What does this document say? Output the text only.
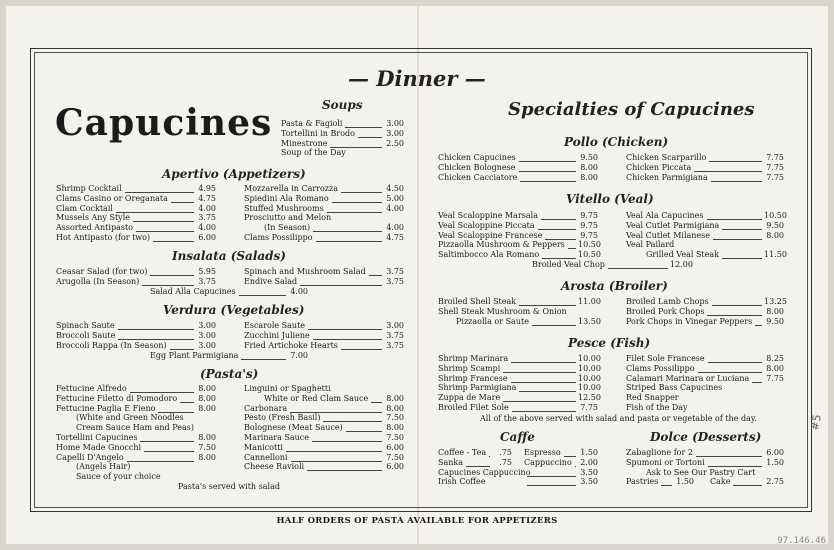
— Dinner —
Capucines	Specialties of Capucines
Soups
Apertivo (Appetizers)
Insalata (Salads)
Verdura (Vegetables)
(Pasta's)
Pollo (Chicken)
Vitello (Veal)
Arosta (Broiler)
Pesce (Fish)
Caffe	Dolce (Desserts)
Pasta & Fagioli	3.00
Tortellini in Brodo	3.00
Minestrone	2.50
Soup of the Day
Shrimp Cocktail	4.95
Clams Casino or Oreganata	4.75
Clam Cocktail	4.00
Mussels Any Style	3.75
Assorted Antipasto	4.00
Hot Antipasto (for two)	6.00
Mozzarella in Carrozza	4.50
Spiedini Ala Romano	5.00
Stuffed Mushrooms	4.00
Prosciutto and Melon
(In Season)	4.00
Clams Possilippo	4.75
Ceasar Salad (for two)	5.95
Arugolla (In Season)	3.75
Spinach and Mushroom Salad	3.75
Endive Salad	3.75
Salad Alla Capucines	4.00
Spinach Saute	3.00
Broccoli Saute	3.00
Broccoli Rappa (In Season)	3.00
Escarole Saute	3.00
Zucchini Juliene	3.75
Fried Artichoke Hearts	3.75
Egg Plant Parmigiana	7.00
Fettucine Alfredo	8.00
Fettucine Filetto di Pomodoro	8.00
Fettucine Paglia E Fieno	8.00
(White and Green Noodles
Cream Sauce Ham and Peas)
Tortellini Capucines	8.00
Home Made Gnocchi	7.50
Capelli D'Angelo	8.00
(Angels Hair)
Sauce of your choice
Linguini or Spaghetti
White or Red Clam Sauce 8.00
Carbonara	8.00
Pesto (Fresh Basil)	7.50
Bolognese (Meat Sauce)	8.00
Marinara Sauce	7.50
Manicotti	6.00
Cannelloni	7.50
Cheese Ravioli	6.00
Chicken Capucines	9.50
Chicken Bolognese	8.00
Chicken Cacciatore	8.00
Chicken Scarparillo	7.75
Chicken Piccata	7.75
Chicken Parmigiana	7.75
Veal Scaloppine Marsala	9.75
Veal Scaloppine Piccata	9.75
Veal Scaloppine Francese	9.75
Pizzaolla Mushroom & Peppers 10.50
Saltimbocco Ala Romano	10.50
Veal Ala Capucines	10.50
Veal Cutlet Parmigiana	9.50
Veal Cutlet Milanese	8.00
Veal Pailard
Grilled Veal Steak	11.50
Broiled Veal Chop	12.00
Broiled Shell Steak	11.00
Shell Steak Mushroom & Onion
Pizzaolla or Saute	13.50
Broiled Lamb Chops	13.25
Broiled Pork Chops	8.00
Pork Chops in Vinegar Peppers 9.50
Shrimp Marinara	10.00
Shrimp Scampi	10.00
Shrimp Francese	10.00
Shrimp Parmigiana	10.00
Zuppa de Mare	12.50
Broiled Filet Sole	7.75
Filet Sole Francese	8.25
Clams Possilippo	8.00
Calamari Marinara or Luciana 7.75
Striped Bass Capucines
Red Snapper
Fish of the Day
Coffee - Tea	.75 Espresso 1.50
Sanka	.75 Cappuccino 2.00
Capucines Cappuccino	3.50
Irish Coffee	3.50
Zabaglione for 2	6.00
Spumoni or Tortoni	1.50
Ask to See Our Pastry Cart
Pastries 1.50 Cake	2.75
Pasta's served with salad
All of the above served with salad and pasta or vegetable of the day.
HALF ORDERS OF PASTA AVAILABLE FOR APPETIZERS
97.146.46
#5
